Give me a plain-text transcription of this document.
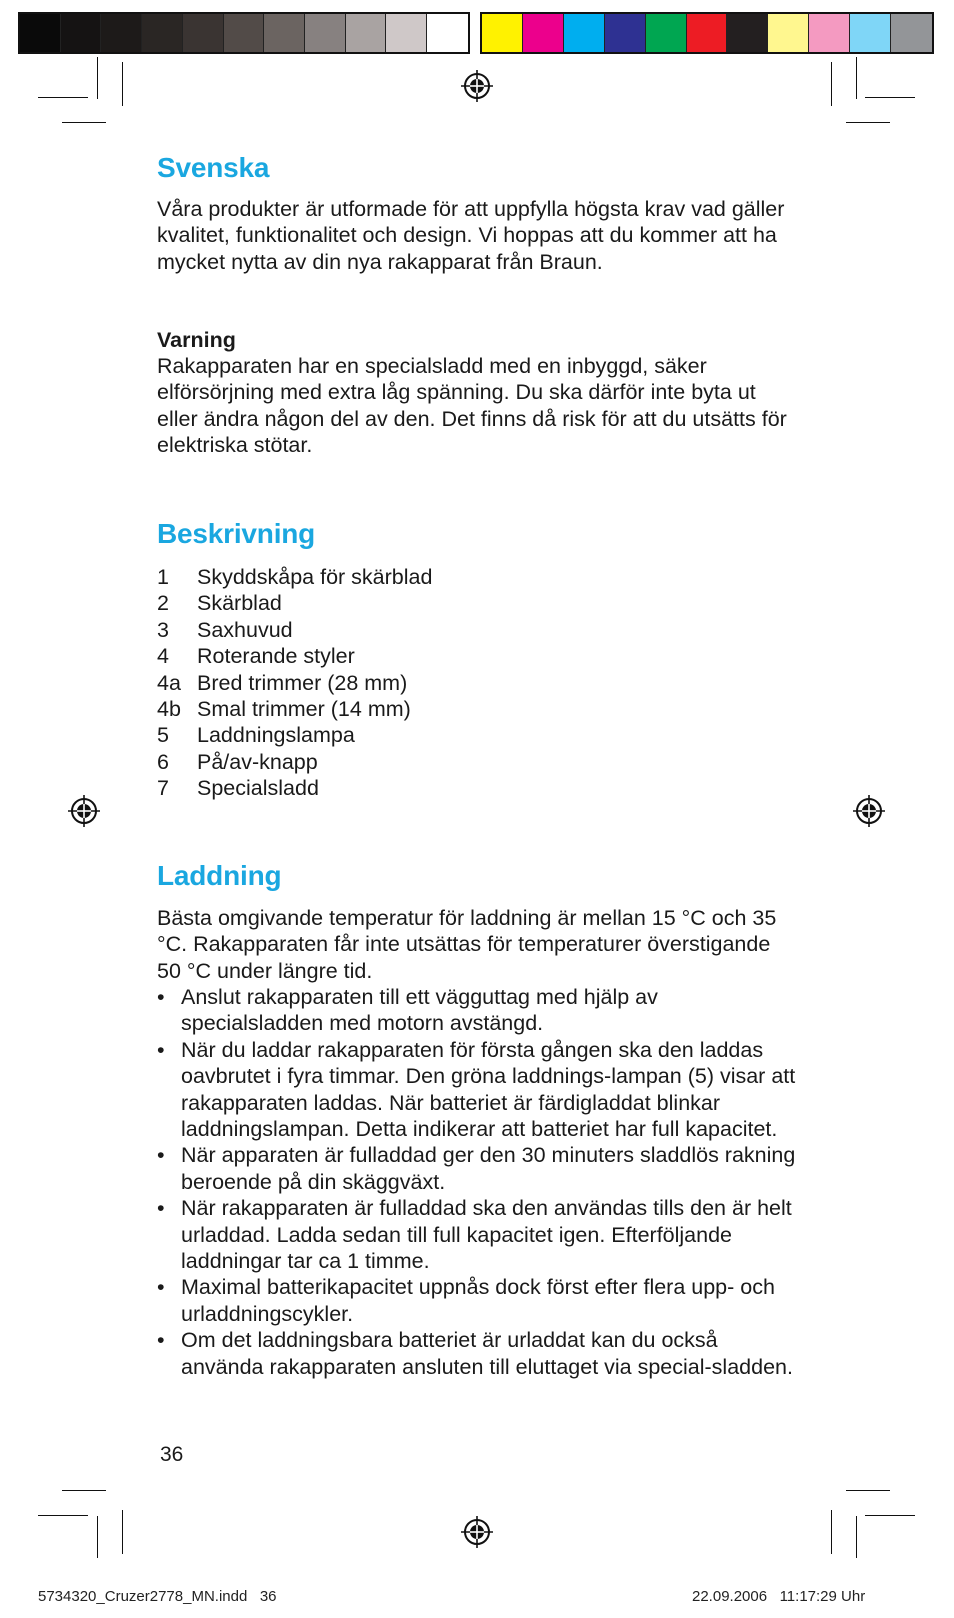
Svenska

Våra produkter är utformade för att uppfylla högsta krav vad gäller kvalitet, funktionalitet och design. Vi hoppas att du kommer att ha mycket nytta av din nya rakapparat från Braun.

Varning

Rakapparaten har en specialsladd med en inbyggd, säker elförsörjning med extra låg spänning. Du ska därför inte byta ut eller ändra någon del av den. Det finns då risk för att du utsätts för elektriska stötar.

Beskrivning
1	Skyddskåpa för skärblad
2	Skärblad
3	Saxhuvud
4	Roterande styler
4a Bred trimmer (28 mm)
4b Smal trimmer (14 mm)
5	Laddningslampa
6	På/av-knapp
7	Specialsladd
Laddning

Bästa omgivande temperatur för laddning är mellan 15 °C och 35 °C. Rakapparaten får inte utsättas för temperaturer överstigande 50 °C under längre tid.

• Anslut rakapparaten till ett vägguttag med hjälp av specialsladden med motorn avstängd.
• När du laddar rakapparaten för första gången ska den laddas oavbrutet i fyra timmar. Den gröna laddnings-lampan (5) visar att rakapparaten laddas. När batteriet är färdigladdat blinkar laddningslampan. Detta indikerar att batteriet har full kapacitet.
• När apparaten är fulladdad ger den 30 minuters sladdlös rakning beroende på din skäggväxt.
• När rakapparaten är fulladdad ska den användas tills den är helt urladdad. Ladda sedan till full kapacitet igen. Efterföljande laddningar tar ca 1 timme.
• Maximal batterikapacitet uppnås dock först efter flera upp- och urladdningscykler.
• Om det laddningsbara batteriet är urladdat kan du också använda rakapparaten ansluten till eluttaget via special-sladden.
36
5734320_Cruzer2778_MN.indd   36	22.09.2006   11:17:29 Uhr
